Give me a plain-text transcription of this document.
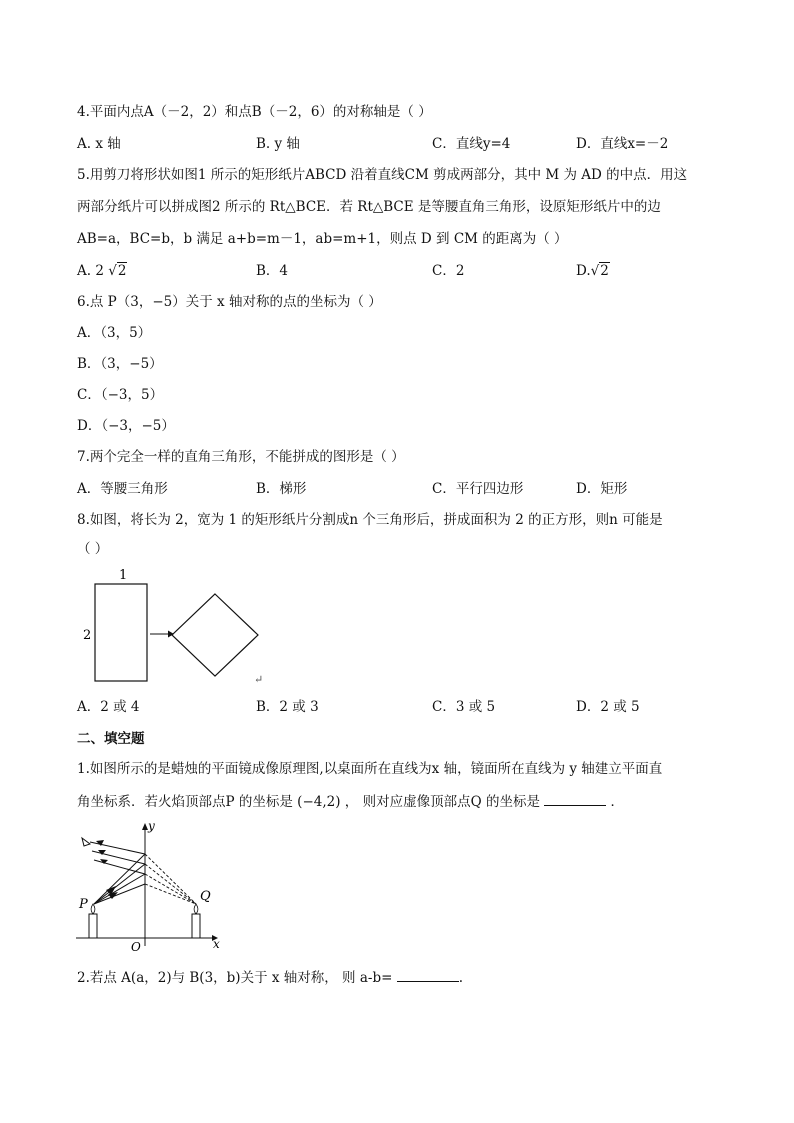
4.平面内点A（－2，2）和点B（－2，6）的对称轴是（ ）
A. x 轴	B. y 轴	C．直线y=4	D．直线x=－2
5.用剪刀将形状如图1 所示的矩形纸片ABCD 沿着直线CM 剪成两部分，其中 M 为 AD 的中点．用这
两部分纸片可以拼成图2 所示的 Rt△BCE．若 Rt△BCE 是等腰直角三角形，设原矩形纸片中的边
AB=a，BC=b，b 满足 a+b=m－1，ab=m+1，则点 D 到 CM 的距离为（ ）
A. 2 √2	B．4	C．2	D.√2
6.点 P（3，−5）关于 x 轴对称的点的坐标为（ ）
A．（3，5）
B．（3，−5）
C．（−3，5）
D．（−3，−5）
7.两个完全一样的直角三角形，不能拼成的图形是（ ）
A．等腰三角形	B．梯形	C．平行四边形	D．矩形
8.如图，将长为 2，宽为 1 的矩形纸片分割成n 个三角形后，拼成面积为 2 的正方形，则n 可能是
（ ）
1
2
↵
A．2 或 4	B．2 或 3	C．3 或 5	D．2 或 5
二、填空题
1.如图所示的是蜡烛的平面镜成像原理图,以桌面所在直线为x 轴，镜面所在直线为 y 轴建立平面直
角坐标系．若火焰顶部点P 的坐标是 (−4,2) ， 则对应虚像顶部点Q 的坐标是	．
x
y
O
P
Q
2.若点 A(a，2)与 B(3，b)关于 x 轴对称， 则 a-b=	.
